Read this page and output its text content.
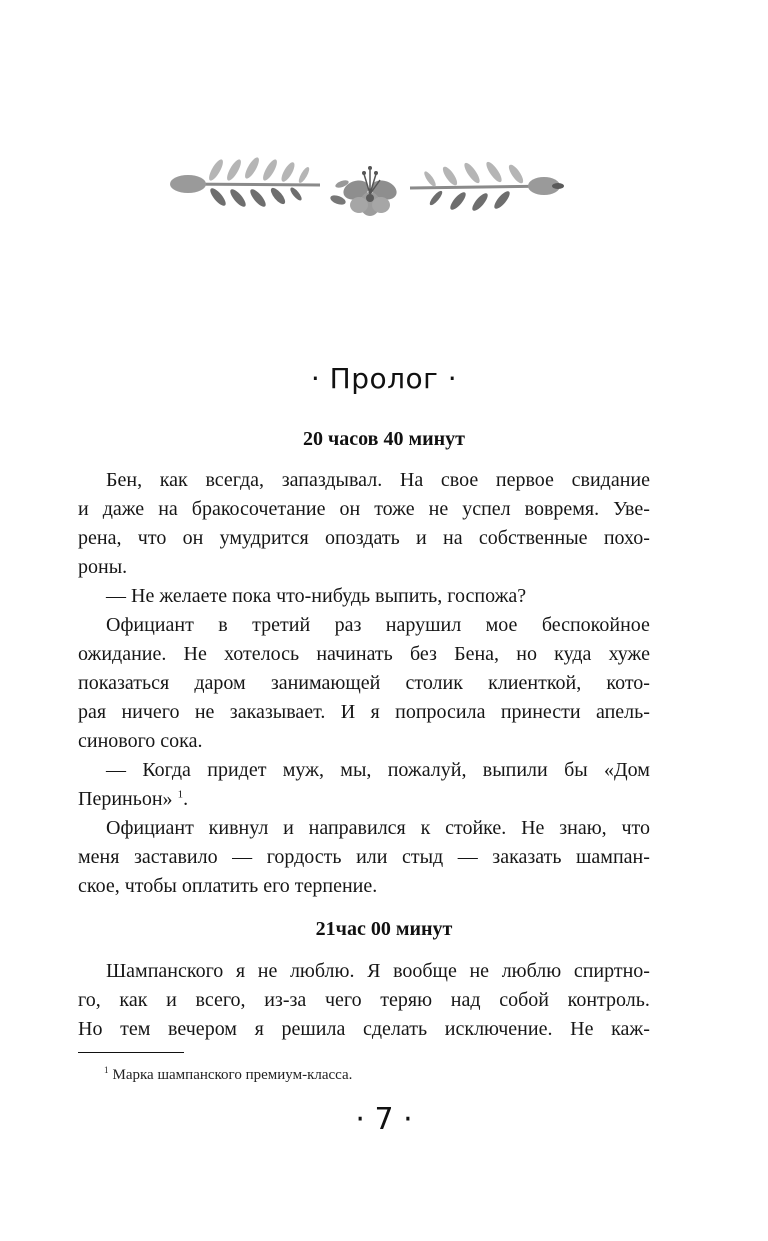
· Пролог ·
20 часов 40 минут
Бен, как всегда, запаздывал. На свое первое свидание
и даже на бракосочетание он тоже не успел вовремя. Уве-
рена, что он умудрится опоздать и на собственные похо-
роны.
— Не желаете пока что-нибудь выпить, госпожа?
Официант в третий раз нарушил мое беспокойное
ожидание. Не хотелось начинать без Бена, но куда хуже
показаться даром занимающей столик клиенткой, кото-
рая ничего не заказывает. И я попросила принести апель-
синового сока.
— Когда придет муж, мы, пожалуй, выпили бы «Дом
Периньон» $^1$.
Официант кивнул и направился к стойке. Не знаю, что
меня заставило — гордость или стыд — заказать шампан-
ское, чтобы оплатить его терпение.
21час 00 минут
Шампанского я не люблю. Я вообще не люблю спиртно-
го, как и всего, из-за чего теряю над собой контроль.
Но тем вечером я решила сделать исключение. Не каж-
$^1$ Марка шампанского премиум-класса.
· 7 ·
